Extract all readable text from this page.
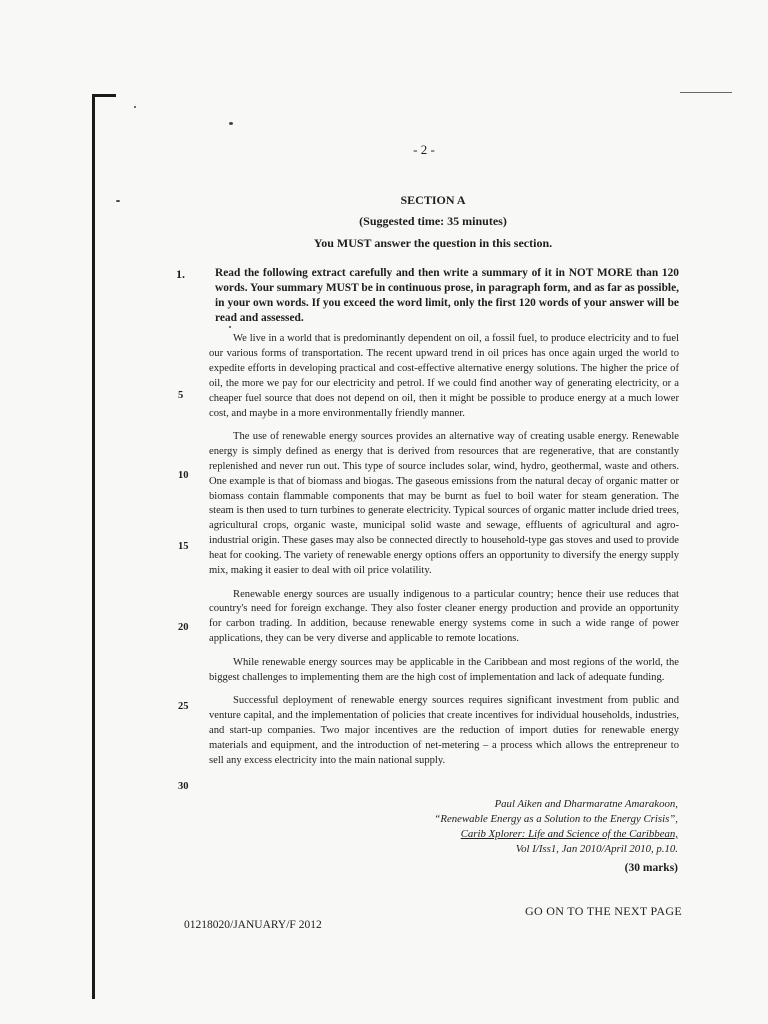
- 2 -
SECTION A
(Suggested time: 35 minutes)
You MUST answer the question in this section.
1.	Read the following extract carefully and then write a summary of it in NOT MORE than 120 words. Your summary MUST be in continuous prose, in paragraph form, and as far as possible, in your own words. If you exceed the word limit, only the first 120 words of your answer will be read and assessed.

We live in a world that is predominantly dependent on oil, a fossil fuel, to produce electricity and to fuel our various forms of transportation. The recent upward trend in oil prices has once again urged the world to expedite efforts in developing practical and cost-effective alternative energy solutions. The higher the price of oil, the more we pay for our electricity and petrol. If we could find another way of generating electricity, or a cheaper fuel source that does not depend on oil, then it might be possible to produce energy at a much lower cost, and maybe in a more environmentally friendly manner.

The use of renewable energy sources provides an alternative way of creating usable energy. Renewable energy is simply defined as energy that is derived from resources that are regenerative, that are constantly replenished and never run out. This type of source includes solar, wind, hydro, geothermal, waste and others. One example is that of biomass and biogas. The gaseous emissions from the natural decay of organic matter or biomass contain flammable components that may be burnt as fuel to boil water for steam generation. The steam is then used to turn turbines to generate electricity. Typical sources of organic matter include dried trees, agricultural crops, organic waste, municipal solid waste and sewage, effluents of agricultural and agro-industrial origin. These gases may also be connected directly to household-type gas stoves and used to provide heat for cooking. The variety of renewable energy options offers an opportunity to diversify the energy supply mix, making it easier to deal with oil price volatility.

Renewable energy sources are usually indigenous to a particular country; hence their use reduces that country's need for foreign exchange. They also foster cleaner energy production and provide an opportunity for carbon trading. In addition, because renewable energy systems come in such a wide range of power applications, they can be very diverse and applicable to remote locations.

While renewable energy sources may be applicable in the Caribbean and most regions of the world, the biggest challenges to implementing them are the high cost of implementation and lack of adequate funding.

Successful deployment of renewable energy sources requires significant investment from public and venture capital, and the implementation of policies that create incentives for individual households, industries, and start-up companies. Two major incentives are the reduction of import duties for renewable energy materials and equipment, and the introduction of net-metering – a process which allows the entrepreneur to sell any excess electricity into the main national supply.

5
10
15
20
25
30
Paul Aiken and Dharmaratne Amarakoon,
“Renewable Energy as a Solution to the Energy Crisis”,
Carib Xplorer: Life and Science of the Caribbean,
Vol I/Iss1, Jan 2010/April 2010, p.10.
(30 marks)
GO ON TO THE NEXT PAGE
01218020/JANUARY/F 2012
